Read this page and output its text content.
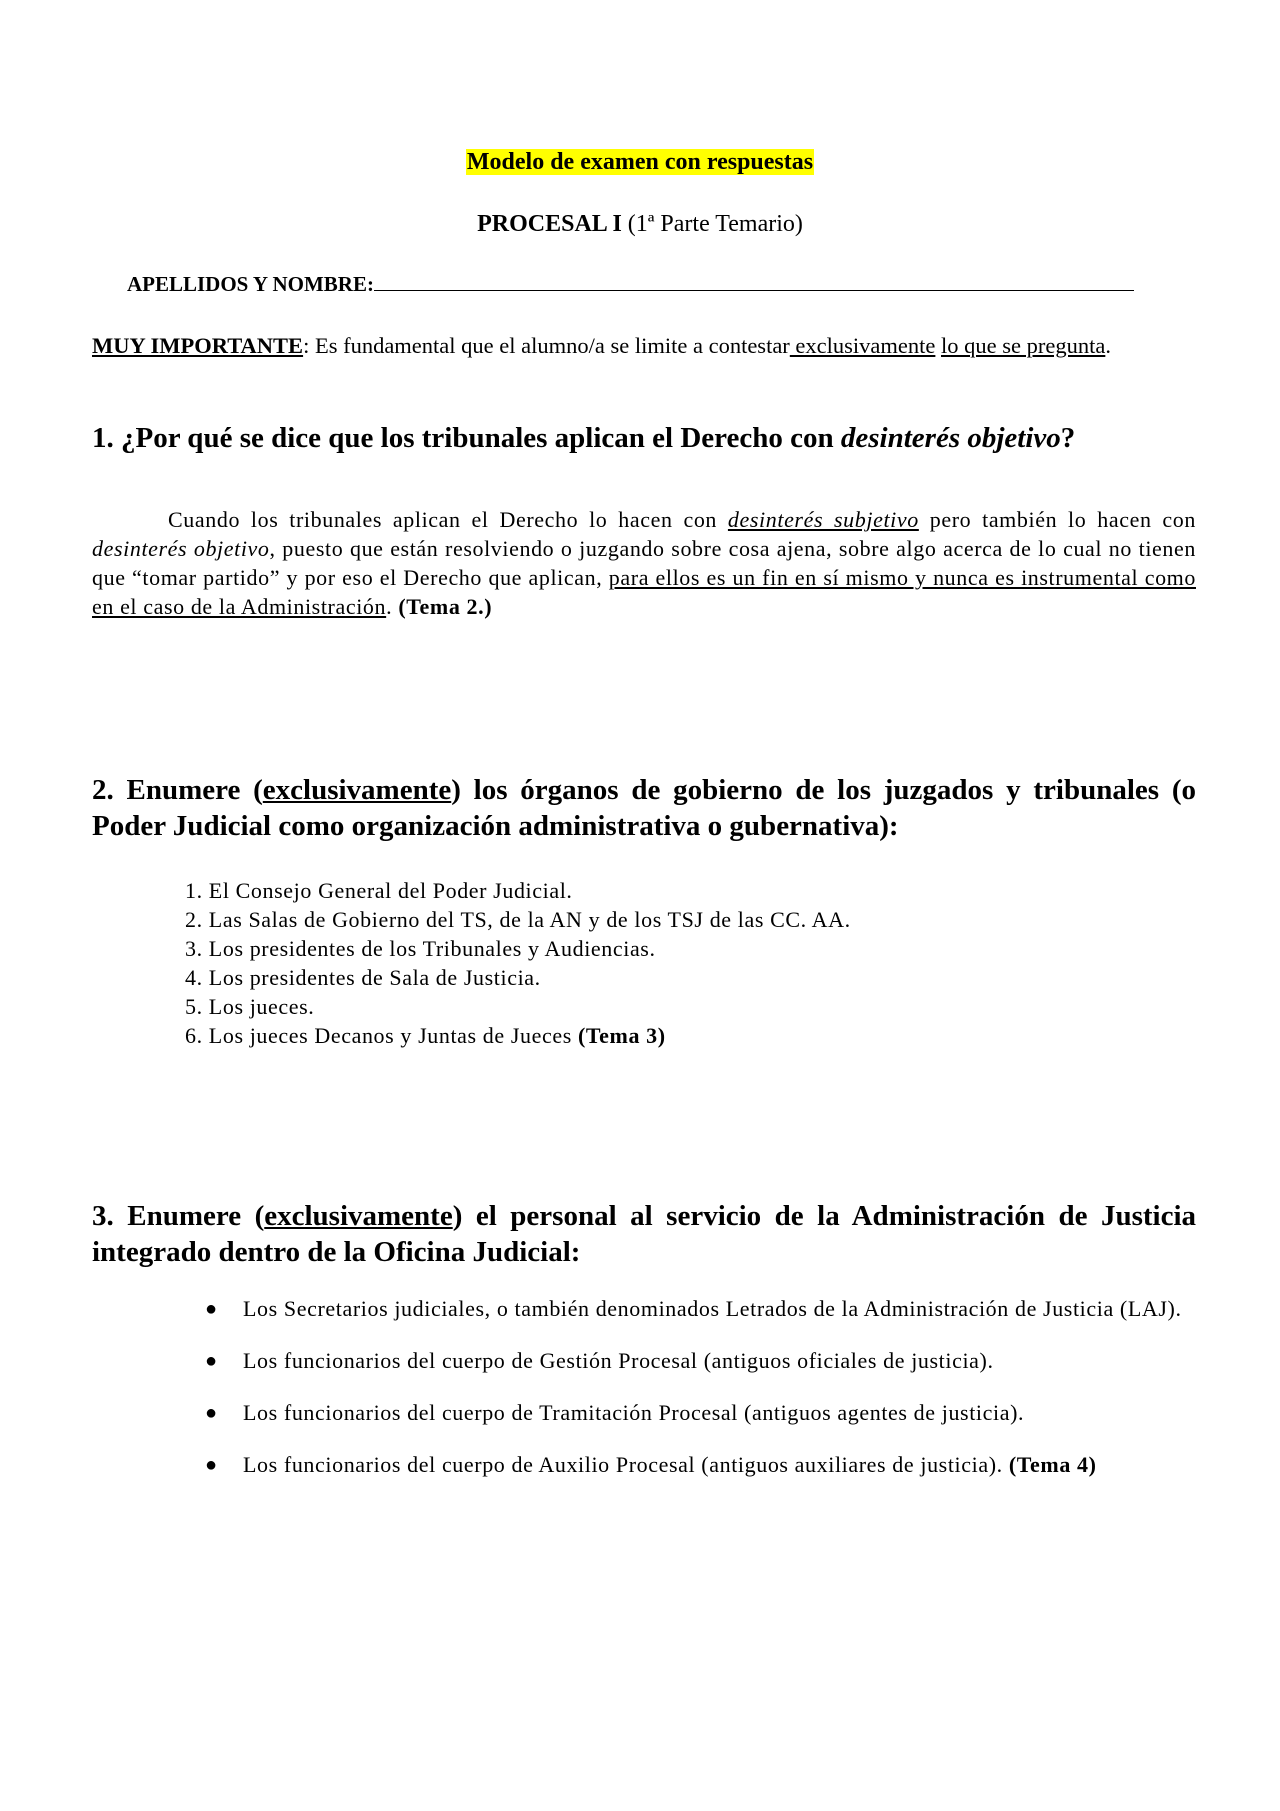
Modelo de examen con respuestas
PROCESAL I (1ª Parte Temario)
APELLIDOS Y NOMBRE:
MUY IMPORTANTE: Es fundamental que el alumno/a se limite a contestar exclusivamente lo que se pregunta.
1. ¿Por qué se dice que los tribunales aplican el Derecho con desinterés objetivo?
Cuando los tribunales aplican el Derecho lo hacen con desinterés subjetivo pero también lo hacen con desinterés objetivo, puesto que están resolviendo o juzgando sobre cosa ajena, sobre algo acerca de lo cual no tienen que “tomar partido” y por eso el Derecho que aplican, para ellos es un fin en sí mismo y nunca es instrumental como en el caso de la Administración. (Tema 2.)
2. Enumere (exclusivamente) los órganos de gobierno de los juzgados y tribunales (o Poder Judicial como organización administrativa o gubernativa):
1. El Consejo General del Poder Judicial.
2. Las Salas de Gobierno del TS, de la AN y de los TSJ de las CC. AA.
3. Los presidentes de los Tribunales y Audiencias.
4. Los presidentes de Sala de Justicia.
5. Los jueces.
6. Los jueces Decanos y Juntas de Jueces (Tema 3)
3. Enumere (exclusivamente) el personal al servicio de la Administración de Justicia integrado dentro de la Oficina Judicial:
● Los Secretarios judiciales, o también denominados Letrados de la Administración de Justicia (LAJ).
● Los funcionarios del cuerpo de Gestión Procesal (antiguos oficiales de justicia).
● Los funcionarios del cuerpo de Tramitación Procesal (antiguos agentes de justicia).
● Los funcionarios del cuerpo de Auxilio Procesal (antiguos auxiliares de justicia). (Tema 4)
